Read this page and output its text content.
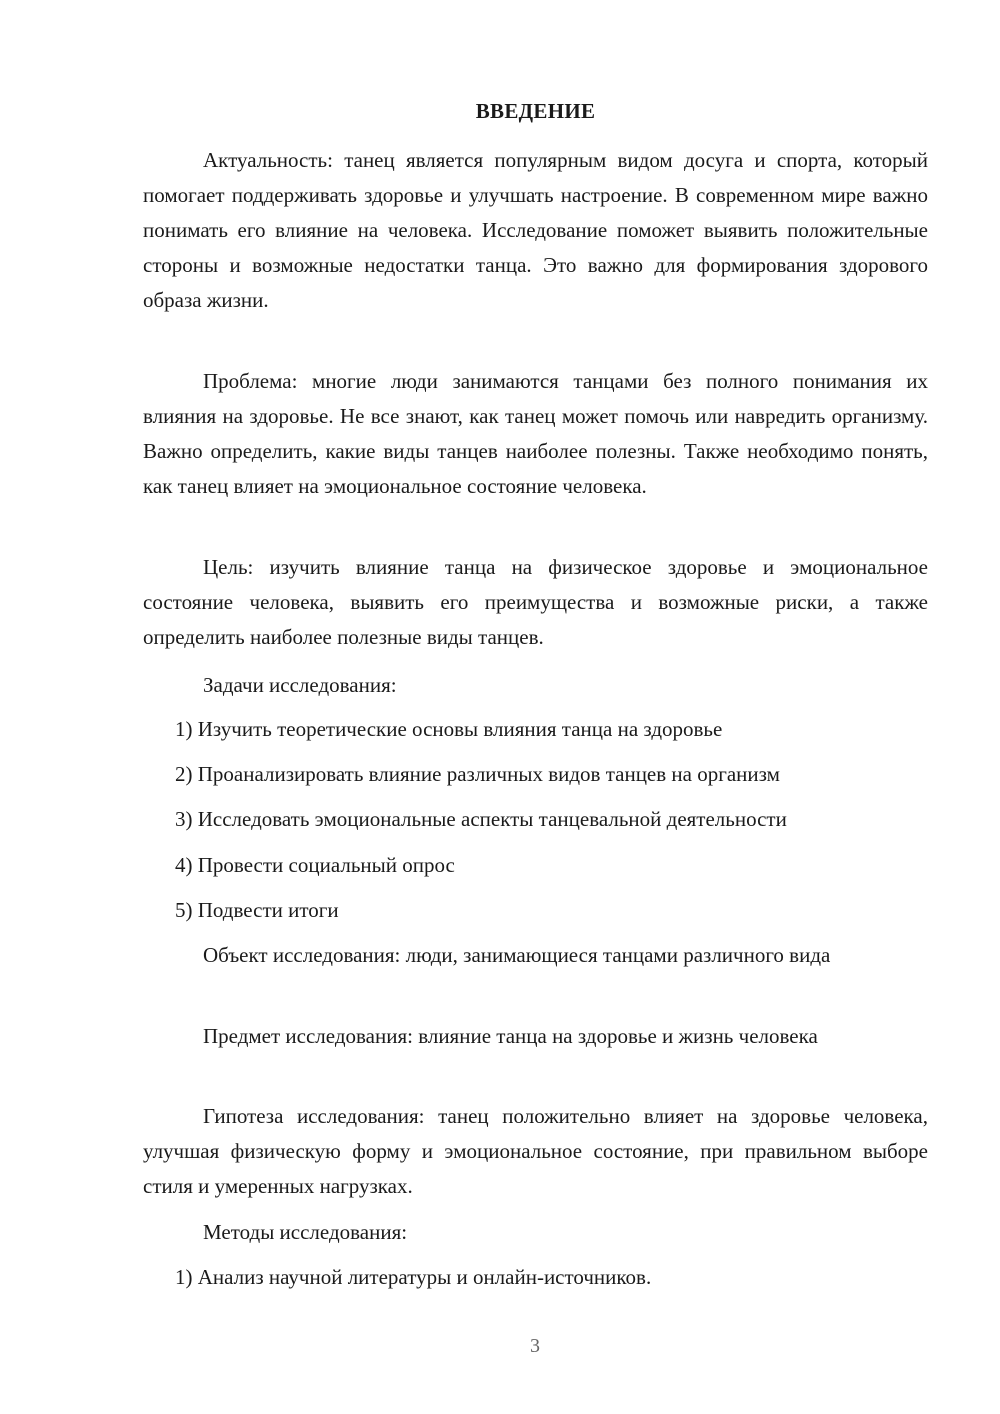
ВВЕДЕНИЕ

Актуальность: танец является популярным видом досуга и спорта, который помогает поддерживать здоровье и улучшать настроение. В современном мире важно понимать его влияние на человека. Исследование поможет выявить положительные стороны и возможные недостатки танца. Это важно для формирования здорового образа жизни.

Проблема: многие люди занимаются танцами без полного понимания их влияния на здоровье. Не все знают, как танец может помочь или навредить организму. Важно определить, какие виды танцев наиболее полезны. Также необходимо понять, как танец влияет на эмоциональное состояние человека.

Цель: изучить влияние танца на физическое здоровье и эмоциональное состояние человека, выявить его преимущества и возможные риски, а также определить наиболее полезные виды танцев.

Задачи исследования:

1) Изучить теоретические основы влияния танца на здоровье

2) Проанализировать влияние различных видов танцев на организм

3) Исследовать эмоциональные аспекты танцевальной деятельности

4) Провести социальный опрос

5) Подвести итоги

Объект исследования: люди, занимающиеся танцами различного вида

Предмет исследования: влияние танца на здоровье и жизнь человека

Гипотеза исследования: танец положительно влияет на здоровье человека, улучшая физическую форму и эмоциональное состояние, при правильном выборе стиля и умеренных нагрузках.

Методы исследования:

1) Анализ научной литературы и онлайн-источников.

3
